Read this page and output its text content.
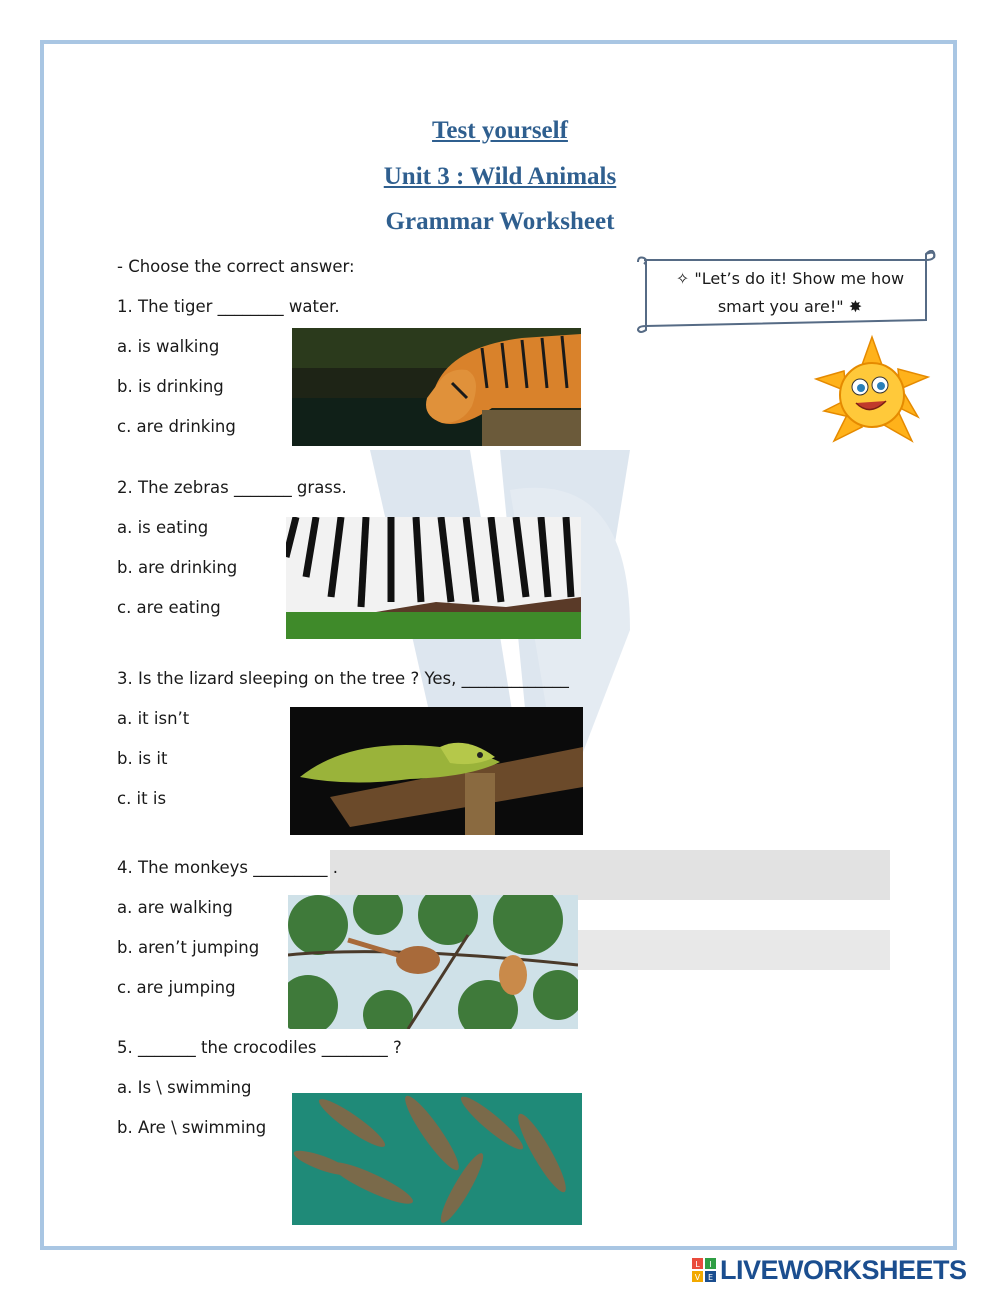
Test yourself
Unit 3 : Wild Animals
Grammar Worksheet
- Choose the correct answer:
✧ "Let’s do it! Show me how
smart you are!" ✸
1. The tiger ________ water.
a. is walking
b. is drinking
c. are drinking
2. The zebras _______ grass.
a. is eating
b. are drinking
c. are eating
3. Is the lizard sleeping on the tree ? Yes, _____________
a. it isn’t
b. is it
c. it is
4. The monkeys _________ .
a. are walking
b. aren’t jumping
c. are jumping
5. _______ the crocodiles ________ ?
a. Is \ swimming
b. Are \ swimming
L I
V E LIVEWORKSHEETS
